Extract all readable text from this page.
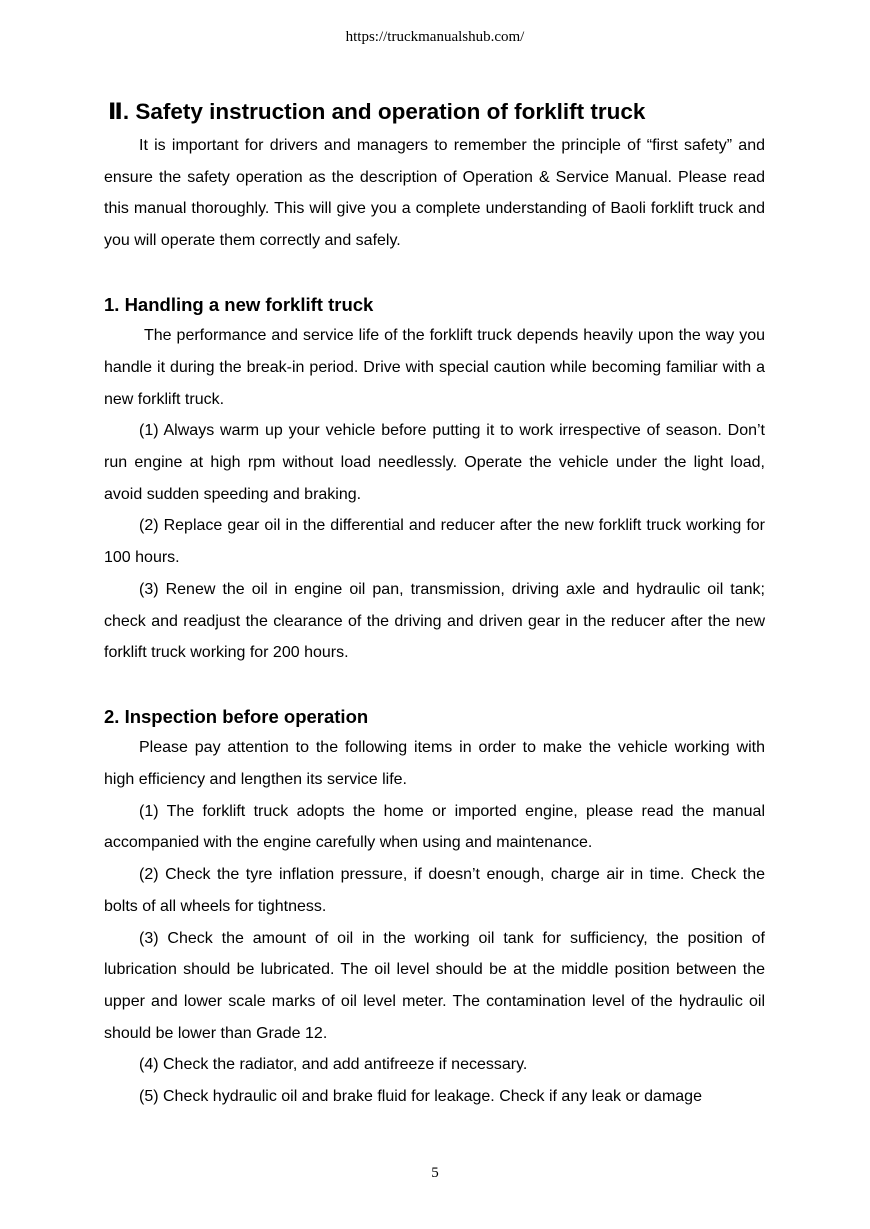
https://truckmanualshub.com/
Ⅱ. Safety instruction and operation of forklift truck

It is important for drivers and managers to remember the principle of “first safety” and ensure the safety operation as the description of Operation & Service Manual. Please read this manual thoroughly. This will give you a complete understanding of Baoli forklift truck and you will operate them correctly and safely.

1. Handling a new forklift truck

The performance and service life of the forklift truck depends heavily upon the way you handle it during the break-in period. Drive with special caution while becoming familiar with a new forklift truck.

(1) Always warm up your vehicle before putting it to work irrespective of season. Don’t run engine at high rpm without load needlessly. Operate the vehicle under the light load, avoid sudden speeding and braking.

(2) Replace gear oil in the differential and reducer after the new forklift truck working for 100 hours.

(3) Renew the oil in engine oil pan, transmission, driving axle and hydraulic oil tank; check and readjust the clearance of the driving and driven gear in the reducer after the new forklift truck working for 200 hours.

2. Inspection before operation

Please pay attention to the following items in order to make the vehicle working with high efficiency and lengthen its service life.

(1) The forklift truck adopts the home or imported engine, please read the manual accompanied with the engine carefully when using and maintenance.

(2) Check the tyre inflation pressure, if doesn’t enough, charge air in time. Check the bolts of all wheels for tightness.

(3) Check the amount of oil in the working oil tank for sufficiency, the position of lubrication should be lubricated. The oil level should be at the middle position between the upper and lower scale marks of oil level meter. The contamination level of the hydraulic oil should be lower than Grade 12.

(4) Check the radiator, and add antifreeze if necessary.

(5) Check hydraulic oil and brake fluid for leakage. Check if any leak or damage

5
